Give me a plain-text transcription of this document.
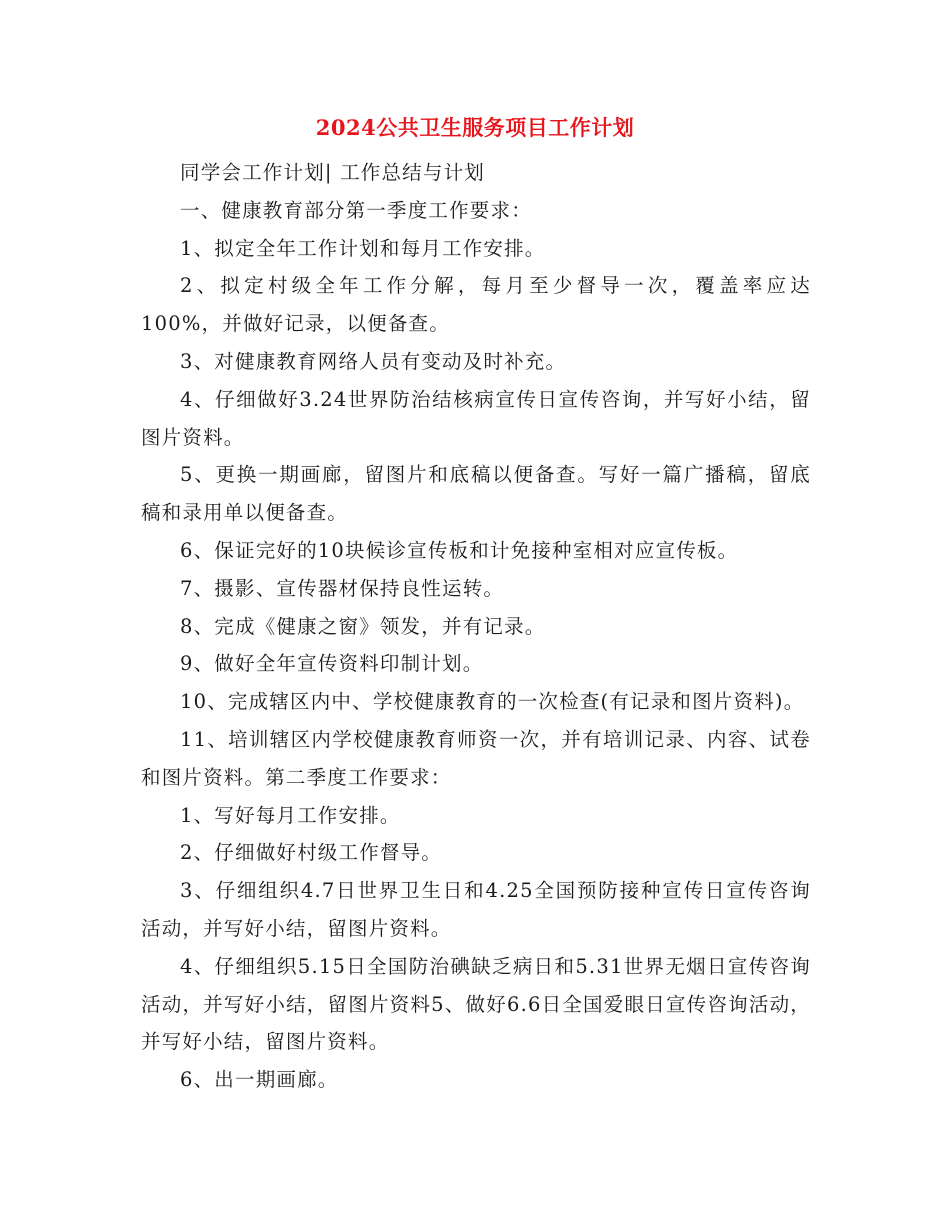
2024公共卫生服务项目工作计划

同学会工作计划| 工作总结与计划

一、健康教育部分第一季度工作要求：

1、拟定全年工作计划和每月工作安排。

2、拟定村级全年工作分解，每月至少督导一次，覆盖率应达100%，并做好记录，以便备查。

3、对健康教育网络人员有变动及时补充。

4、仔细做好3.24世界防治结核病宣传日宣传咨询，并写好小结，留图片资料。

5、更换一期画廊，留图片和底稿以便备查。写好一篇广播稿，留底稿和录用单以便备查。

6、保证完好的10块候诊宣传板和计免接种室相对应宣传板。

7、摄影、宣传器材保持良性运转。

8、完成《健康之窗》领发，并有记录。

9、做好全年宣传资料印制计划。

10、完成辖区内中、学校健康教育的一次检查(有记录和图片资料)。

11、培训辖区内学校健康教育师资一次，并有培训记录、内容、试卷和图片资料。第二季度工作要求：

1、写好每月工作安排。

2、仔细做好村级工作督导。

3、仔细组织4.7日世界卫生日和4.25全国预防接种宣传日宣传咨询活动，并写好小结，留图片资料。

4、仔细组织5.15日全国防治碘缺乏病日和5.31世界无烟日宣传咨询活动，并写好小结，留图片资料5、做好6.6日全国爱眼日宣传咨询活动，并写好小结，留图片资料。

6、出一期画廊。
